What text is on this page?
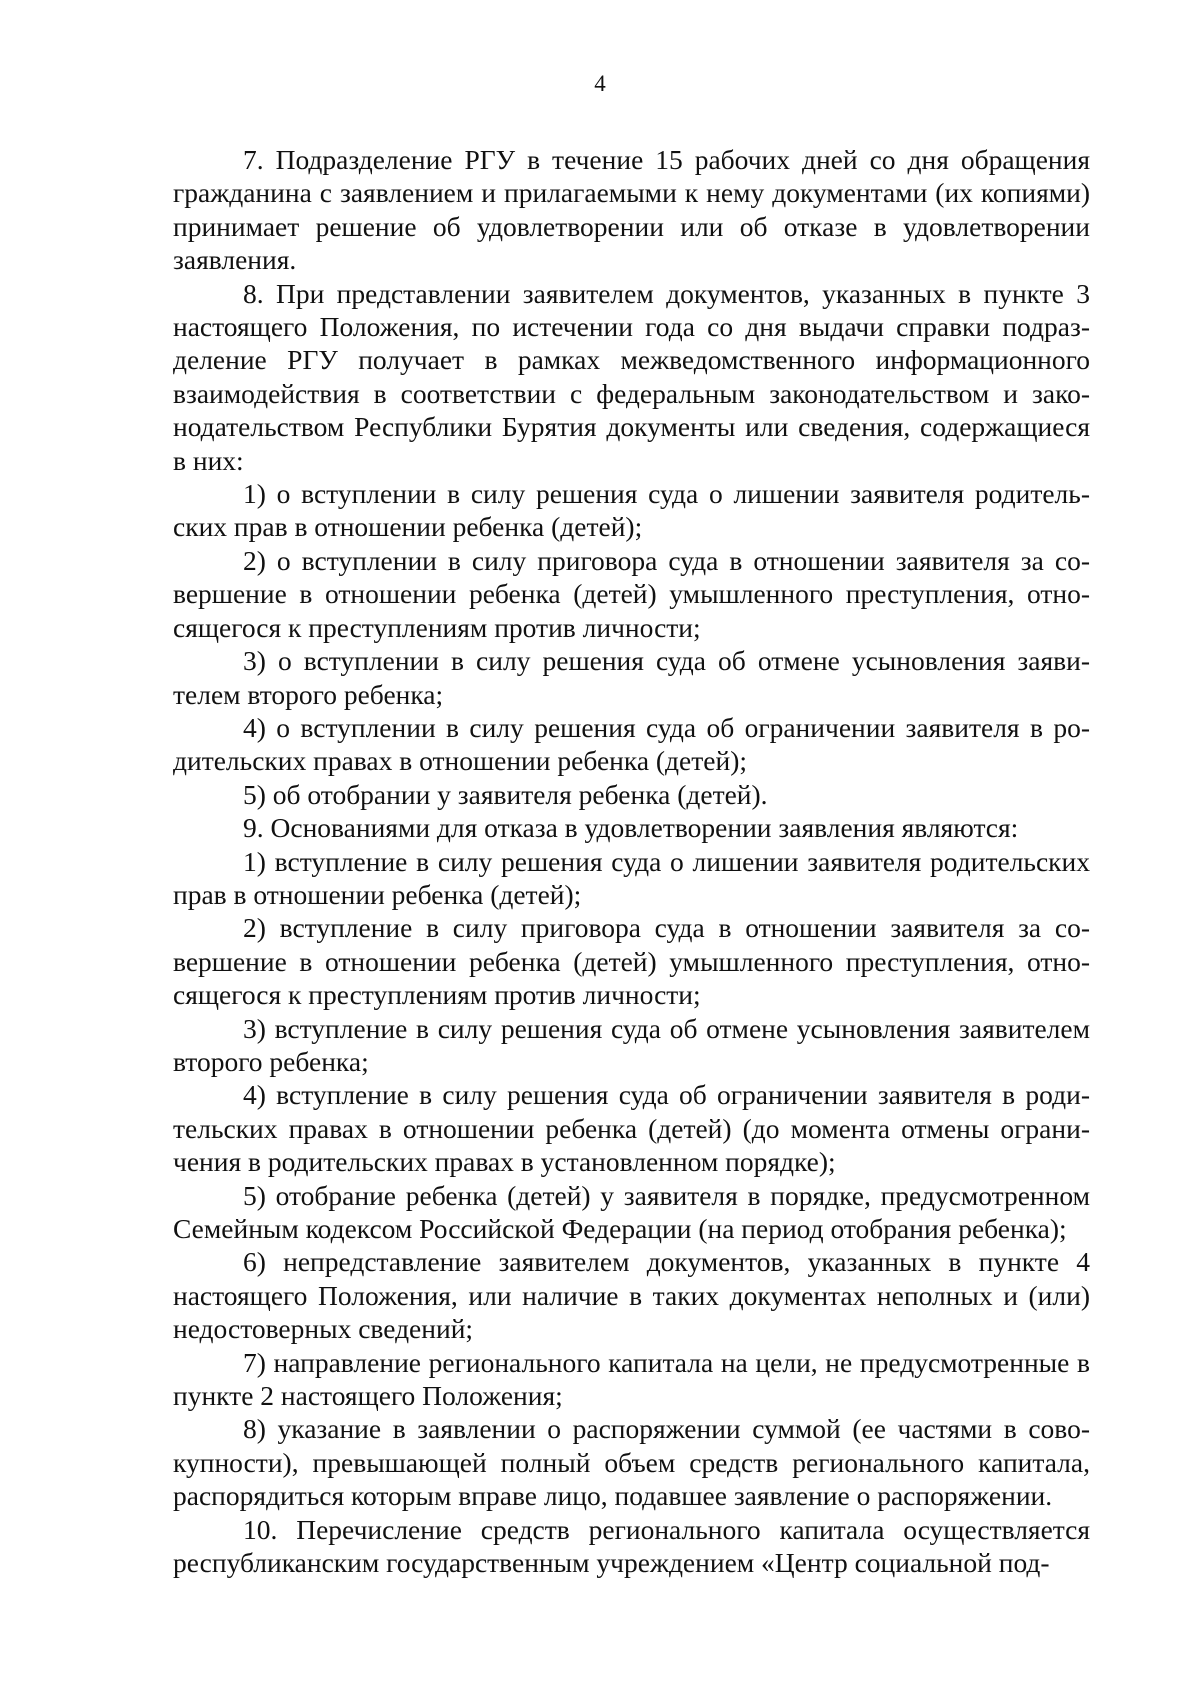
4

7. Подразделение РГУ в течение 15 рабочих дней со дня обращения гражданина с заявлением и прилагаемыми к нему документами (их копиями) принимает решение об удовлетворении или об отказе в удовлетворении заявления.

8. При представлении заявителем документов, указанных в пункте 3 настоящего Положения, по истечении года со дня выдачи справки подразделение РГУ получает в рамках межведомственного информационного взаимодействия в соответствии с федеральным законодательством и законодательством Республики Бурятия документы или сведения, содержащиеся в них:

1) о вступлении в силу решения суда о лишении заявителя родительских прав в отношении ребенка (детей);

2) о вступлении в силу приговора суда в отношении заявителя за совершение в отношении ребенка (детей) умышленного преступления, относящегося к преступлениям против личности;

3) о вступлении в силу решения суда об отмене усыновления заявителем второго ребенка;

4) о вступлении в силу решения суда об ограничении заявителя в родительских правах в отношении ребенка (детей);

5) об отобрании у заявителя ребенка (детей).

9. Основаниями для отказа в удовлетворении заявления являются:

1) вступление в силу решения суда о лишении заявителя родительских прав в отношении ребенка (детей);

2) вступление в силу приговора суда в отношении заявителя за совершение в отношении ребенка (детей) умышленного преступления, относящегося к преступлениям против личности;

3) вступление в силу решения суда об отмене усыновления заявителем второго ребенка;

4) вступление в силу решения суда об ограничении заявителя в родительских правах в отношении ребенка (детей) (до момента отмены ограничения в родительских правах в установленном порядке);

5) отобрание ребенка (детей) у заявителя в порядке, предусмотренном Семейным кодексом Российской Федерации (на период отобрания ребенка);

6) непредставление заявителем документов, указанных в пункте 4 настоящего Положения, или наличие в таких документах неполных и (или) недостоверных сведений;

7) направление регионального капитала на цели, не предусмотренные в пункте 2 настоящего Положения;

8) указание в заявлении о распоряжении суммой (ее частями в совокупности), превышающей полный объем средств регионального капитала, распорядиться которым вправе лицо, подавшее заявление о распоряжении.

10. Перечисление средств регионального капитала осуществляется республиканским государственным учреждением «Центр социальной под-
